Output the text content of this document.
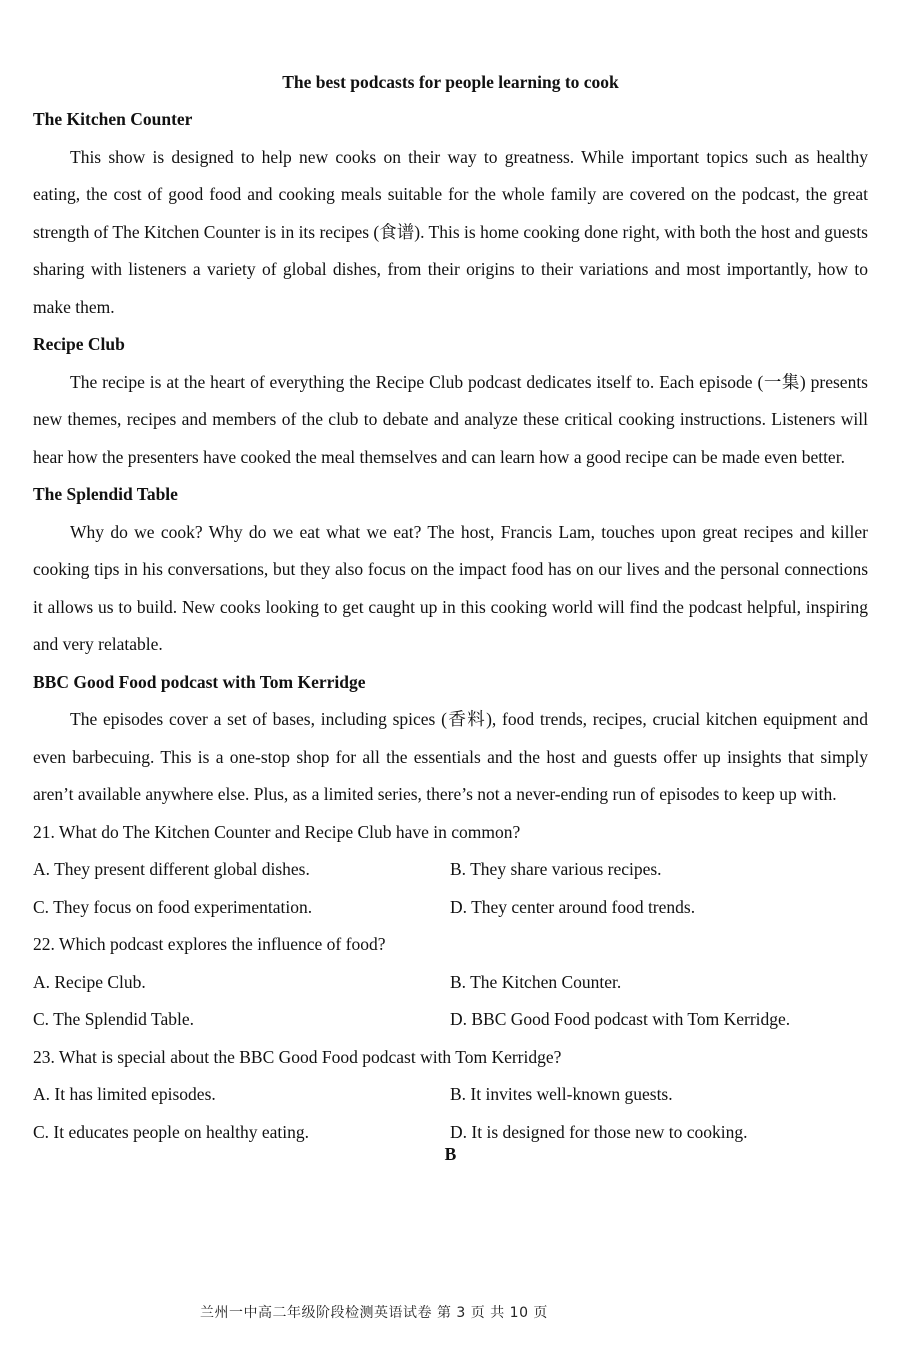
The best podcasts for people learning to cook
The Kitchen Counter

This show is designed to help new cooks on their way to greatness. While important topics such as healthy eating, the cost of good food and cooking meals suitable for the whole family are covered on the podcast, the great strength of The Kitchen Counter is in its recipes (食谱). This is home cooking done right, with both the host and guests sharing with listeners a variety of global dishes, from their origins to their variations and most importantly, how to make them.

Recipe Club

The recipe is at the heart of everything the Recipe Club podcast dedicates itself to. Each episode (一集) presents new themes, recipes and members of the club to debate and analyze these critical cooking instructions. Listeners will hear how the presenters have cooked the meal themselves and can learn how a good recipe can be made even better.

The Splendid Table

Why do we cook? Why do we eat what we eat? The host, Francis Lam, touches upon great recipes and killer cooking tips in his conversations, but they also focus on the impact food has on our lives and the personal connections it allows us to build. New cooks looking to get caught up in this cooking world will find the podcast helpful, inspiring and very relatable.

BBC Good Food podcast with Tom Kerridge

The episodes cover a set of bases, including spices (香料), food trends, recipes, crucial kitchen equipment and even barbecuing. This is a one-stop shop for all the essentials and the host and guests offer up insights that simply aren’t available anywhere else. Plus, as a limited series, there’s not a never-ending run of episodes to keep up with.

21. What do The Kitchen Counter and Recipe Club have in common?
A. They present different global dishes.	B. They share various recipes.
C. They focus on food experimentation.	D. They center around food trends.
22. Which podcast explores the influence of food?
A. Recipe Club.	B. The Kitchen Counter.
C. The Splendid Table.	D. BBC Good Food podcast with Tom Kerridge.
23. What is special about the BBC Good Food podcast with Tom Kerridge?
A. It has limited episodes.	B. It invites well-known guests.
C. It educates people on healthy eating.	D. It is designed for those new to cooking.
B
兰州一中高二年级阶段检测英语试卷 第 3 页 共 10 页
